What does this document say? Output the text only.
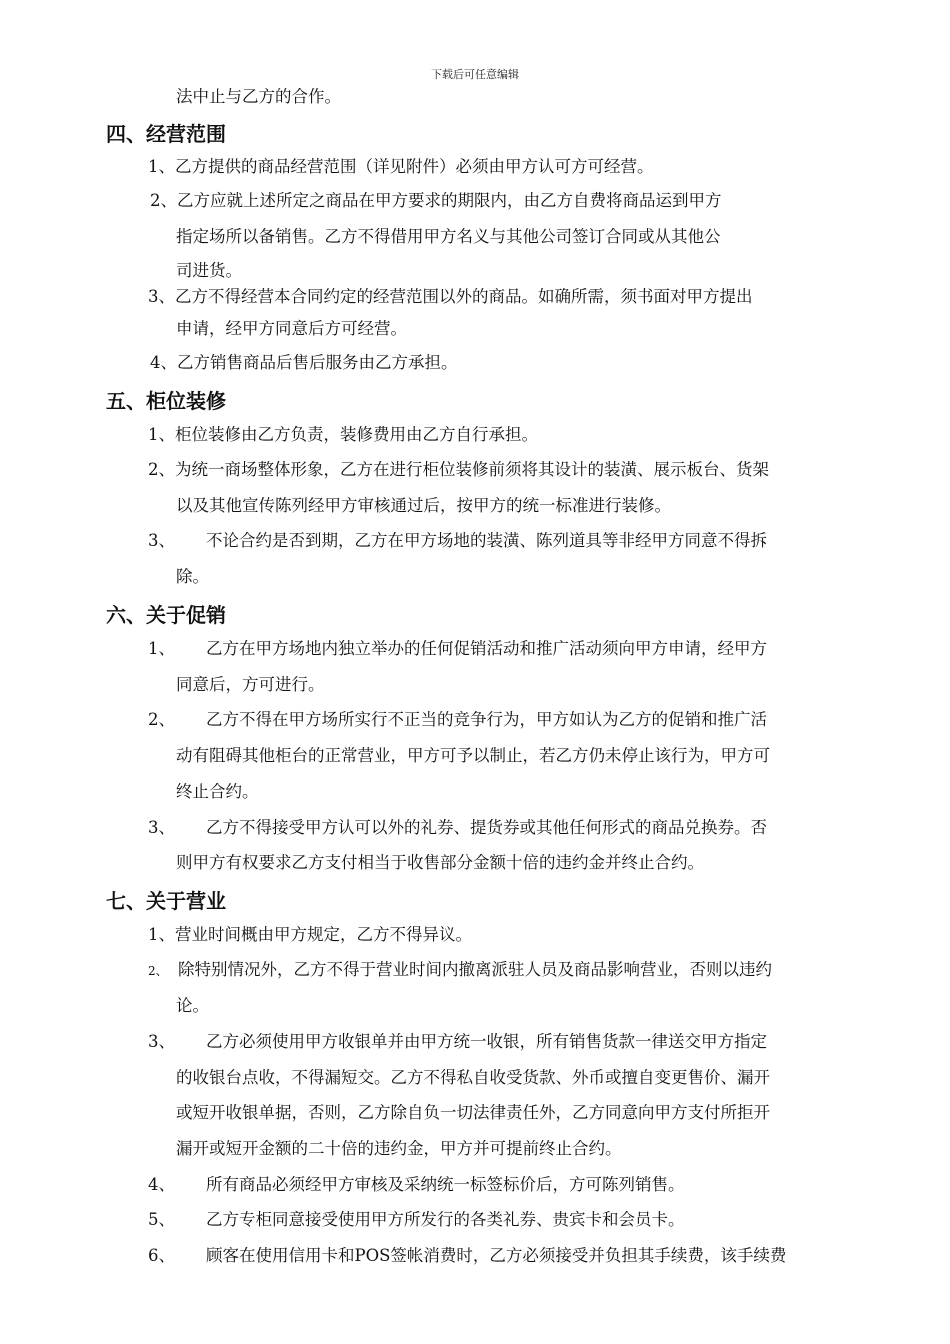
下载后可任意编辑
法中止与乙方的合作。
四、经营范围
1、乙方提供的商品经营范围（详见附件）必须由甲方认可方可经营。
2、乙方应就上述所定之商品在甲方要求的期限内，由乙方自费将商品运到甲方
指定场所以备销售。乙方不得借用甲方名义与其他公司签订合同或从其他公
司进货。
3、乙方不得经营本合同约定的经营范围以外的商品。如确所需，须书面对甲方提出
申请，经甲方同意后方可经营。
4、乙方销售商品后售后服务由乙方承担。
五、柜位装修
1、柜位装修由乙方负责，装修费用由乙方自行承担。
2、为统一商场整体形象，乙方在进行柜位装修前须将其设计的装潢、展示板台、货架
以及其他宣传陈列经甲方审核通过后，按甲方的统一标准进行装修。
3、 不论合约是否到期，乙方在甲方场地的装潢、陈列道具等非经甲方同意不得拆
除。
六、关于促销
1、 乙方在甲方场地内独立举办的任何促销活动和推广活动须向甲方申请，经甲方
同意后，方可进行。
2、 乙方不得在甲方场所实行不正当的竞争行为，甲方如认为乙方的促销和推广活
动有阻碍其他柜台的正常营业，甲方可予以制止，若乙方仍未停止该行为，甲方可
终止合约。
3、 乙方不得接受甲方认可以外的礼券、提货券或其他任何形式的商品兑换券。否
则甲方有权要求乙方支付相当于收售部分金额十倍的违约金并终止合约。
七、关于营业
1、营业时间概由甲方规定，乙方不得异议。
2、 除特别情况外，乙方不得于营业时间内撤离派驻人员及商品影响营业，否则以违约
论。
3、 乙方必须使用甲方收银单并由甲方统一收银，所有销售货款一律送交甲方指定
的收银台点收，不得漏短交。乙方不得私自收受货款、外币或擅自变更售价、漏开
或短开收银单据，否则，乙方除自负一切法律责任外，乙方同意向甲方支付所拒开
漏开或短开金额的二十倍的违约金，甲方并可提前终止合约。
4、 所有商品必须经甲方审核及采纳统一标签标价后，方可陈列销售。
5、 乙方专柜同意接受使用甲方所发行的各类礼券、贵宾卡和会员卡。
6、 顾客在使用信用卡和POS签帐消费时，乙方必须接受并负担其手续费，该手续费
